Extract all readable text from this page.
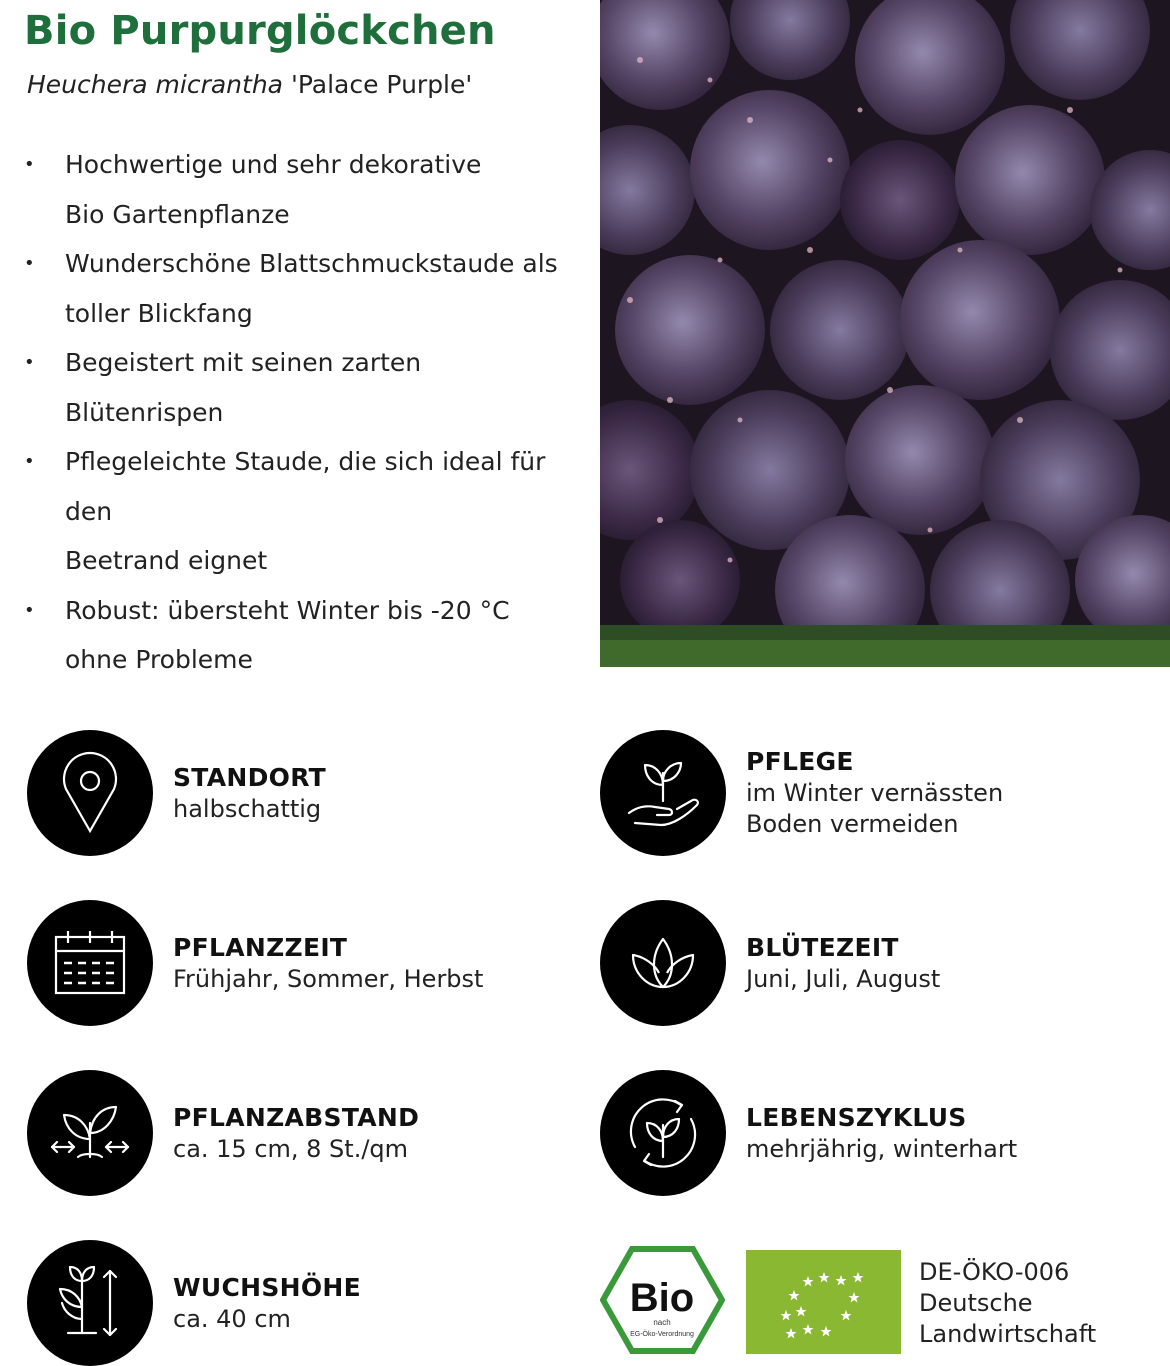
Bio Purpurglöckchen
Heuchera micrantha 'Palace Purple'
•	Hochwertige und sehr dekorative
Bio Gartenpflanze
•	Wunderschöne Blattschmuckstaude als
toller Blickfang
•	Begeistert mit seinen zarten Blütenrispen
•	Pflegeleichte Staude, die sich ideal für den
Beetrand eignet
•	Robust: übersteht Winter bis -20 °C
ohne Probleme
STANDORT
halbschattig
PFLEGE
im Winter vernässten
Boden vermeiden
PFLANZZEIT
Frühjahr, Sommer, Herbst
BLÜTEZEIT
Juni, Juli, August
PFLANZABSTAND
ca. 15 cm, 8 St./qm
LEBENSZYKLUS
mehrjährig, winterhart
WUCHSHÖHE
ca. 40 cm	Bio
nach
EG-Öko-Verordnung
DE-ÖKO-006
Deutsche
Landwirtschaft
